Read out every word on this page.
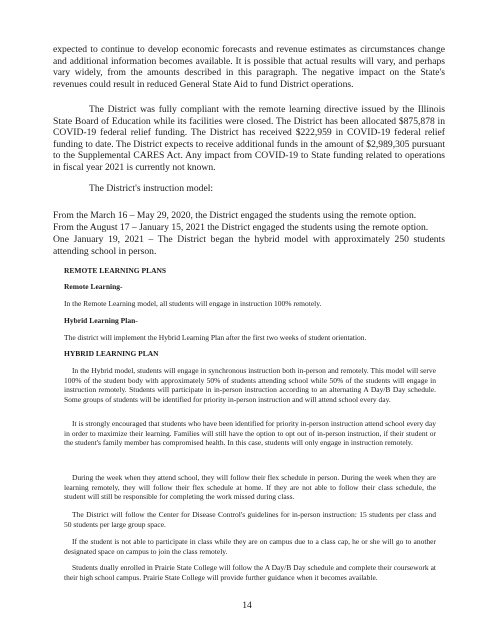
expected to continue to develop economic forecasts and revenue estimates as circumstances change and additional information becomes available. It is possible that actual results will vary, and perhaps vary widely, from the amounts described in this paragraph. The negative impact on the State's revenues could result in reduced General State Aid to fund District operations.

The District was fully compliant with the remote learning directive issued by the Illinois State Board of Education while its facilities were closed. The District has been allocated $875,878 in COVID-19 federal relief funding. The District has received $222,959 in COVID-19 federal relief funding to date. The District expects to receive additional funds in the amount of $2,989,305 pursuant to the Supplemental CARES Act. Any impact from COVID-19 to State funding related to operations in fiscal year 2021 is currently not known.

The District's instruction model:

From the March 16 – May 29, 2020, the District engaged the students using the remote option.

From the August 17 – January 15, 2021 the District engaged the students using the remote option.

One January 19, 2021 – The District began the hybrid model with approximately 250 students attending school in person.

REMOTE LEARNING PLANS

Remote Learning-

In the Remote Learning model, all students will engage in instruction 100% remotely.

Hybrid Learning Plan-

The district will implement the Hybrid Learning Plan after the first two weeks of student orientation.

HYBRID LEARNING PLAN

In the Hybrid model, students will engage in synchronous instruction both in-person and remotely. This model will serve 100% of the student body with approximately 50% of students attending school while 50% of the students will engage in instruction remotely. Students will participate in in-person instruction according to an alternating A Day/B Day schedule. Some groups of students will be identified for priority in-person instruction and will attend school every day.

It is strongly encouraged that students who have been identified for priority in-person instruction attend school every day in order to maximize their learning. Families will still have the option to opt out of in-person instruction, if their student or the student's family member has compromised health. In this case, students will only engage in instruction remotely.

During the week when they attend school, they will follow their flex schedule in person. During the week when they are learning remotely, they will follow their flex schedule at home. If they are not able to follow their class schedule, the student will still be responsible for completing the work missed during class.

The District will follow the Center for Disease Control's guidelines for in-person instruction: 15 students per class and 50 students per large group space.

If the student is not able to participate in class while they are on campus due to a class cap, he or she will go to another designated space on campus to join the class remotely.

Students dually enrolled in Prairie State College will follow the A Day/B Day schedule and complete their coursework at their high school campus. Prairie State College will provide further guidance when it becomes available.

14
